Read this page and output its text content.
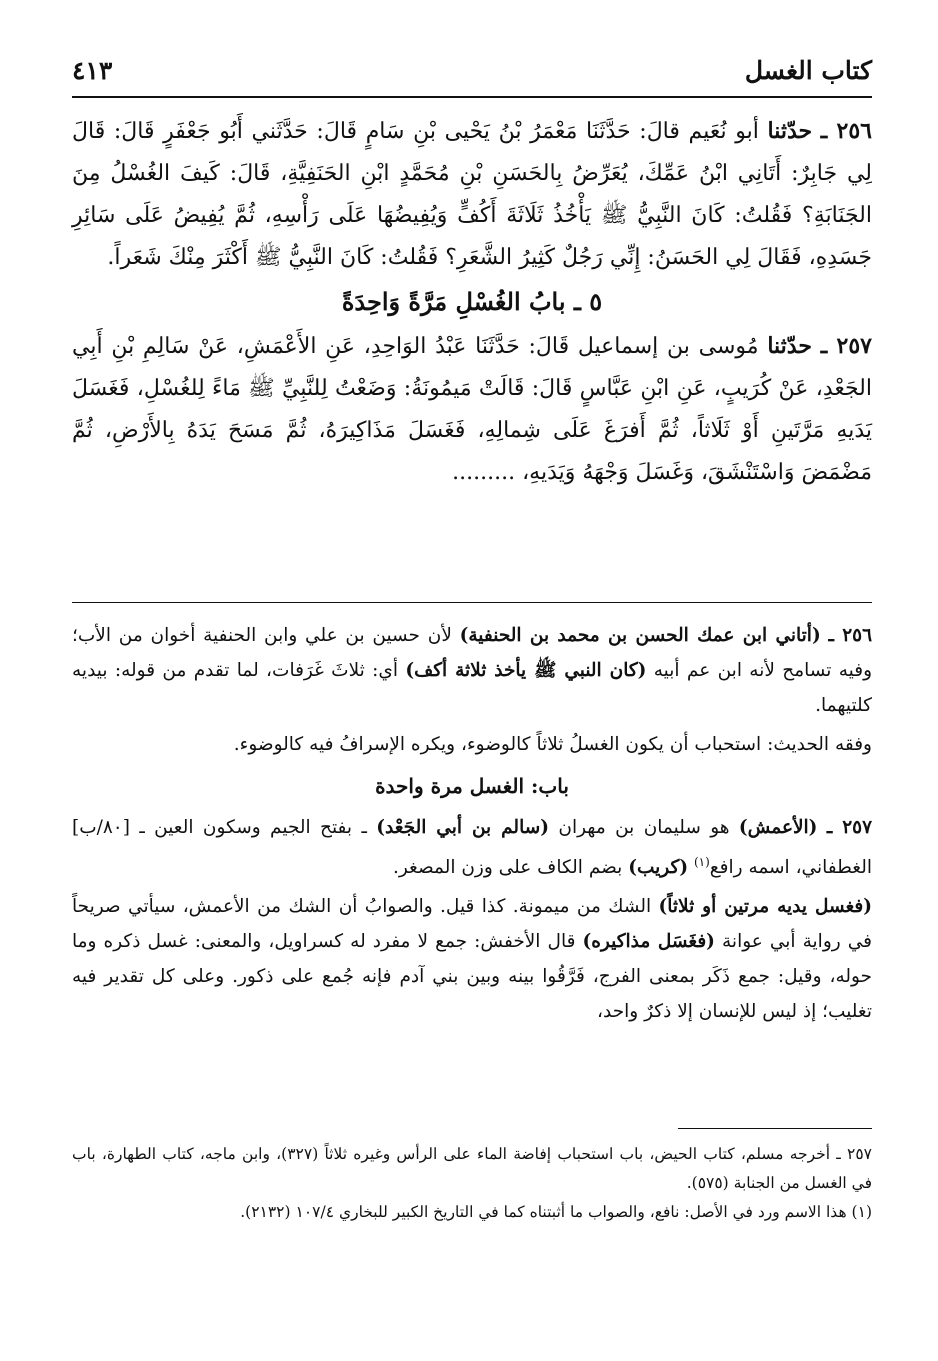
كتاب الغسل
٤١٣

٢٥٦ ـ حدّثنا أبو نُعَيم قالَ: حَدَّثَنَا مَعْمَرُ بْنُ يَحْيى بْنِ سَامٍ قَالَ: حَدَّثَني أَبُو جَعْفَرٍ قَالَ: قَالَ لِي جَابِرٌ: أَتَانِي ابْنُ عَمِّكَ، يُعَرِّضُ بِالحَسَنِ بْنِ مُحَمَّدٍ ابْنِ الحَنَفِيَّةِ، قَالَ: كَيفَ الغُسْلُ مِنَ الجَنَابَةِ؟ فَقُلتُ: كَانَ النَّبِيُّ ﷺ يَأْخُذُ ثَلَاثَةَ أَكُفٍّ وَيُفِيضُهَا عَلَى رَأْسِهِ، ثُمَّ يُفِيضُ عَلَى سَائِرِ جَسَدِهِ، فَقَالَ لِي الحَسَنُ: إِنِّي رَجُلٌ كَثِيرُ الشَّعَرِ؟ فَقُلتُ: كَانَ النَّبِيُّ ﷺ أَكْثَرَ مِنْكَ شَعَراً.

٥ ـ بابُ الغُسْلِ مَرَّةً وَاحِدَةً

٢٥٧ ـ حدّثنا مُوسى بن إسماعيل قَالَ: حَدَّثَنَا عَبْدُ الوَاحِدِ، عَنِ الأَعْمَشِ، عَنْ سَالِمِ بْنِ أَبِي الجَعْدِ، عَنْ كُرَيبٍ، عَنِ ابْنِ عَبَّاسٍ قَالَ: قَالَتْ مَيمُونَةُ: وَضَعْتُ لِلنَّبِيِّ ﷺ مَاءً لِلغُسْلِ، فَغَسَلَ يَدَيهِ مَرَّتَينِ أَوْ ثَلَاثاً، ثُمَّ أَفرَغَ عَلَى شِمالِهِ، فَغَسَلَ مَذَاكِيرَهُ، ثُمَّ مَسَحَ يَدَهُ بِالأَرْضِ، ثُمَّ مَضْمَضَ وَاسْتَنْشَقَ، وَغَسَلَ وَجْهَهُ وَيَدَيهِ، .........

٢٥٦ ـ (أتاني ابن عمك الحسن بن محمد بن الحنفية) لأن حسين بن علي وابن الحنفية أخوان من الأب؛ وفيه تسامح لأنه ابن عم أبيه (كان النبي ﷺ يأخذ ثلاثة أكف) أي: ثلاثَ غَرَفات، لما تقدم من قوله: بيديه كلتيهما.

وفقه الحديث: استحباب أن يكون الغسلُ ثلاثاً كالوضوء، ويكره الإسرافُ فيه كالوضوء.

باب: الغسل مرة واحدة

٢٥٧ ـ (الأعمش) هو سليمان بن مهران (سالم بن أبي الجَعْد) ـ بفتح الجيم وسكون العين ـ [٨٠/ب] الغطفاني، اسمه رافع$^{(١)}$ (كريب) بضم الكاف على وزن المصغر.

(فغسل يديه مرتين أو ثلاثاً) الشك من ميمونة. كذا قيل. والصوابُ أن الشك من الأعمش، سيأتي صريحاً في رواية أبي عوانة (فغَسَل مذاكيره) قال الأخفش: جمع لا مفرد له كسراويل، والمعنى: غسل ذكره وما حوله، وقيل: جمع ذَكَر بمعنى الفرج، فَرَّقُوا بينه وبين بني آدم فإنه جُمع على ذكور. وعلى كل تقدير فيه تغليب؛ إذ ليس للإنسان إلا ذكرٌ واحد،

٢٥٧ ـ أخرجه مسلم، كتاب الحيض، باب استحباب إفاضة الماء على الرأس وغيره ثلاثاً (٣٢٧)، وابن ماجه، كتاب الطهارة، باب في الغسل من الجنابة (٥٧٥).

(١) هذا الاسم ورد في الأصل: نافع، والصواب ما أثبتناه كما في التاريخ الكبير للبخاري ١٠٧/٤ (٢١٣٢).
